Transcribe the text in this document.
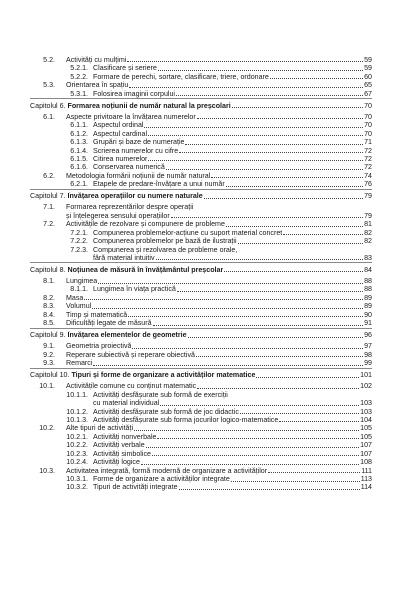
5.2.	Activități cu mulțimi	59
5.2.1. Clasificare și seriere	59
5.2.2. Formare de perechi, sortare, clasificare, triere, ordonare	60
5.3.	Orientarea în spațiu	65
5.3.1. Folosirea imaginii corpului	67
Capitolul 6. Formarea noțiunii de număr natural la preșcolari	70
6.1.	Aspecte privitoare la învățarea numerelor	70
6.1.1. Aspectul ordinal	70
6.1.2. Aspectul cardinal	70
6.1.3. Grupări și baze de numerație	71
6.1.4. Scrierea numerelor cu cifre	72
6.1.5. Citirea numerelor	72
6.1.6. Conservarea numerică	72
6.2.	Metodologia formării noțiunii de număr natural	74
6.2.1. Etapele de predare-învățare a unui număr	76
Capitolul 7. Învățarea operațiilor cu numere naturale	79
7.1.	Formarea reprezentărilor despre operații
și înțelegerea sensului operațiilor	79
7.2.	Activitățile de rezolvare și compunere de probleme	81
7.2.1. Compunerea problemelor-acțiune cu suport material concret	82
7.2.2. Compunerea problemelor pe bază de ilustrații	82
7.2.3. Compunerea și rezolvarea de probleme orale,
fără material intuitiv	83
Capitolul 8. Noțiunea de măsură în învățământul preșcolar	84
8.1.	Lungimea	88
8.1.1. Lungimea în viața practică	88
8.2.	Masa	89
8.3.	Volumul	89
8.4.	Timp și matematică	90
8.5.	Dificultăți legate de măsură	91
Capitolul 9. Învățarea elementelor de geometrie	96
9.1.	Geometria proiectivă	97
9.2.	Reperare subiectivă și reperare obiectivă	98
9.3.	Remarci	99
Capitolul 10. Tipuri și forme de organizare a activităților matematice	101
10.1.	Activitățile comune cu conținut matematic	102
10.1.1. Activități desfășurate sub formă de exerciții
cu material individual	103
10.1.2. Activități desfășurate sub formă de joc didactic	103
10.1.3. Activități desfășurate sub forma jocurilor logico-matematice	104
10.2.	Alte tipuri de activități	105
10.2.1. Activități nonverbale	105
10.2.2. Activități verbale	107
10.2.3. Activități simbolice	107
10.2.4. Activități logice	108
10.3.	Activitatea integrată, formă modernă de organizare a activităților	111
10.3.1. Forme de organizare a activităților integrate	113
10.3.2. Tipuri de activități integrate	114
